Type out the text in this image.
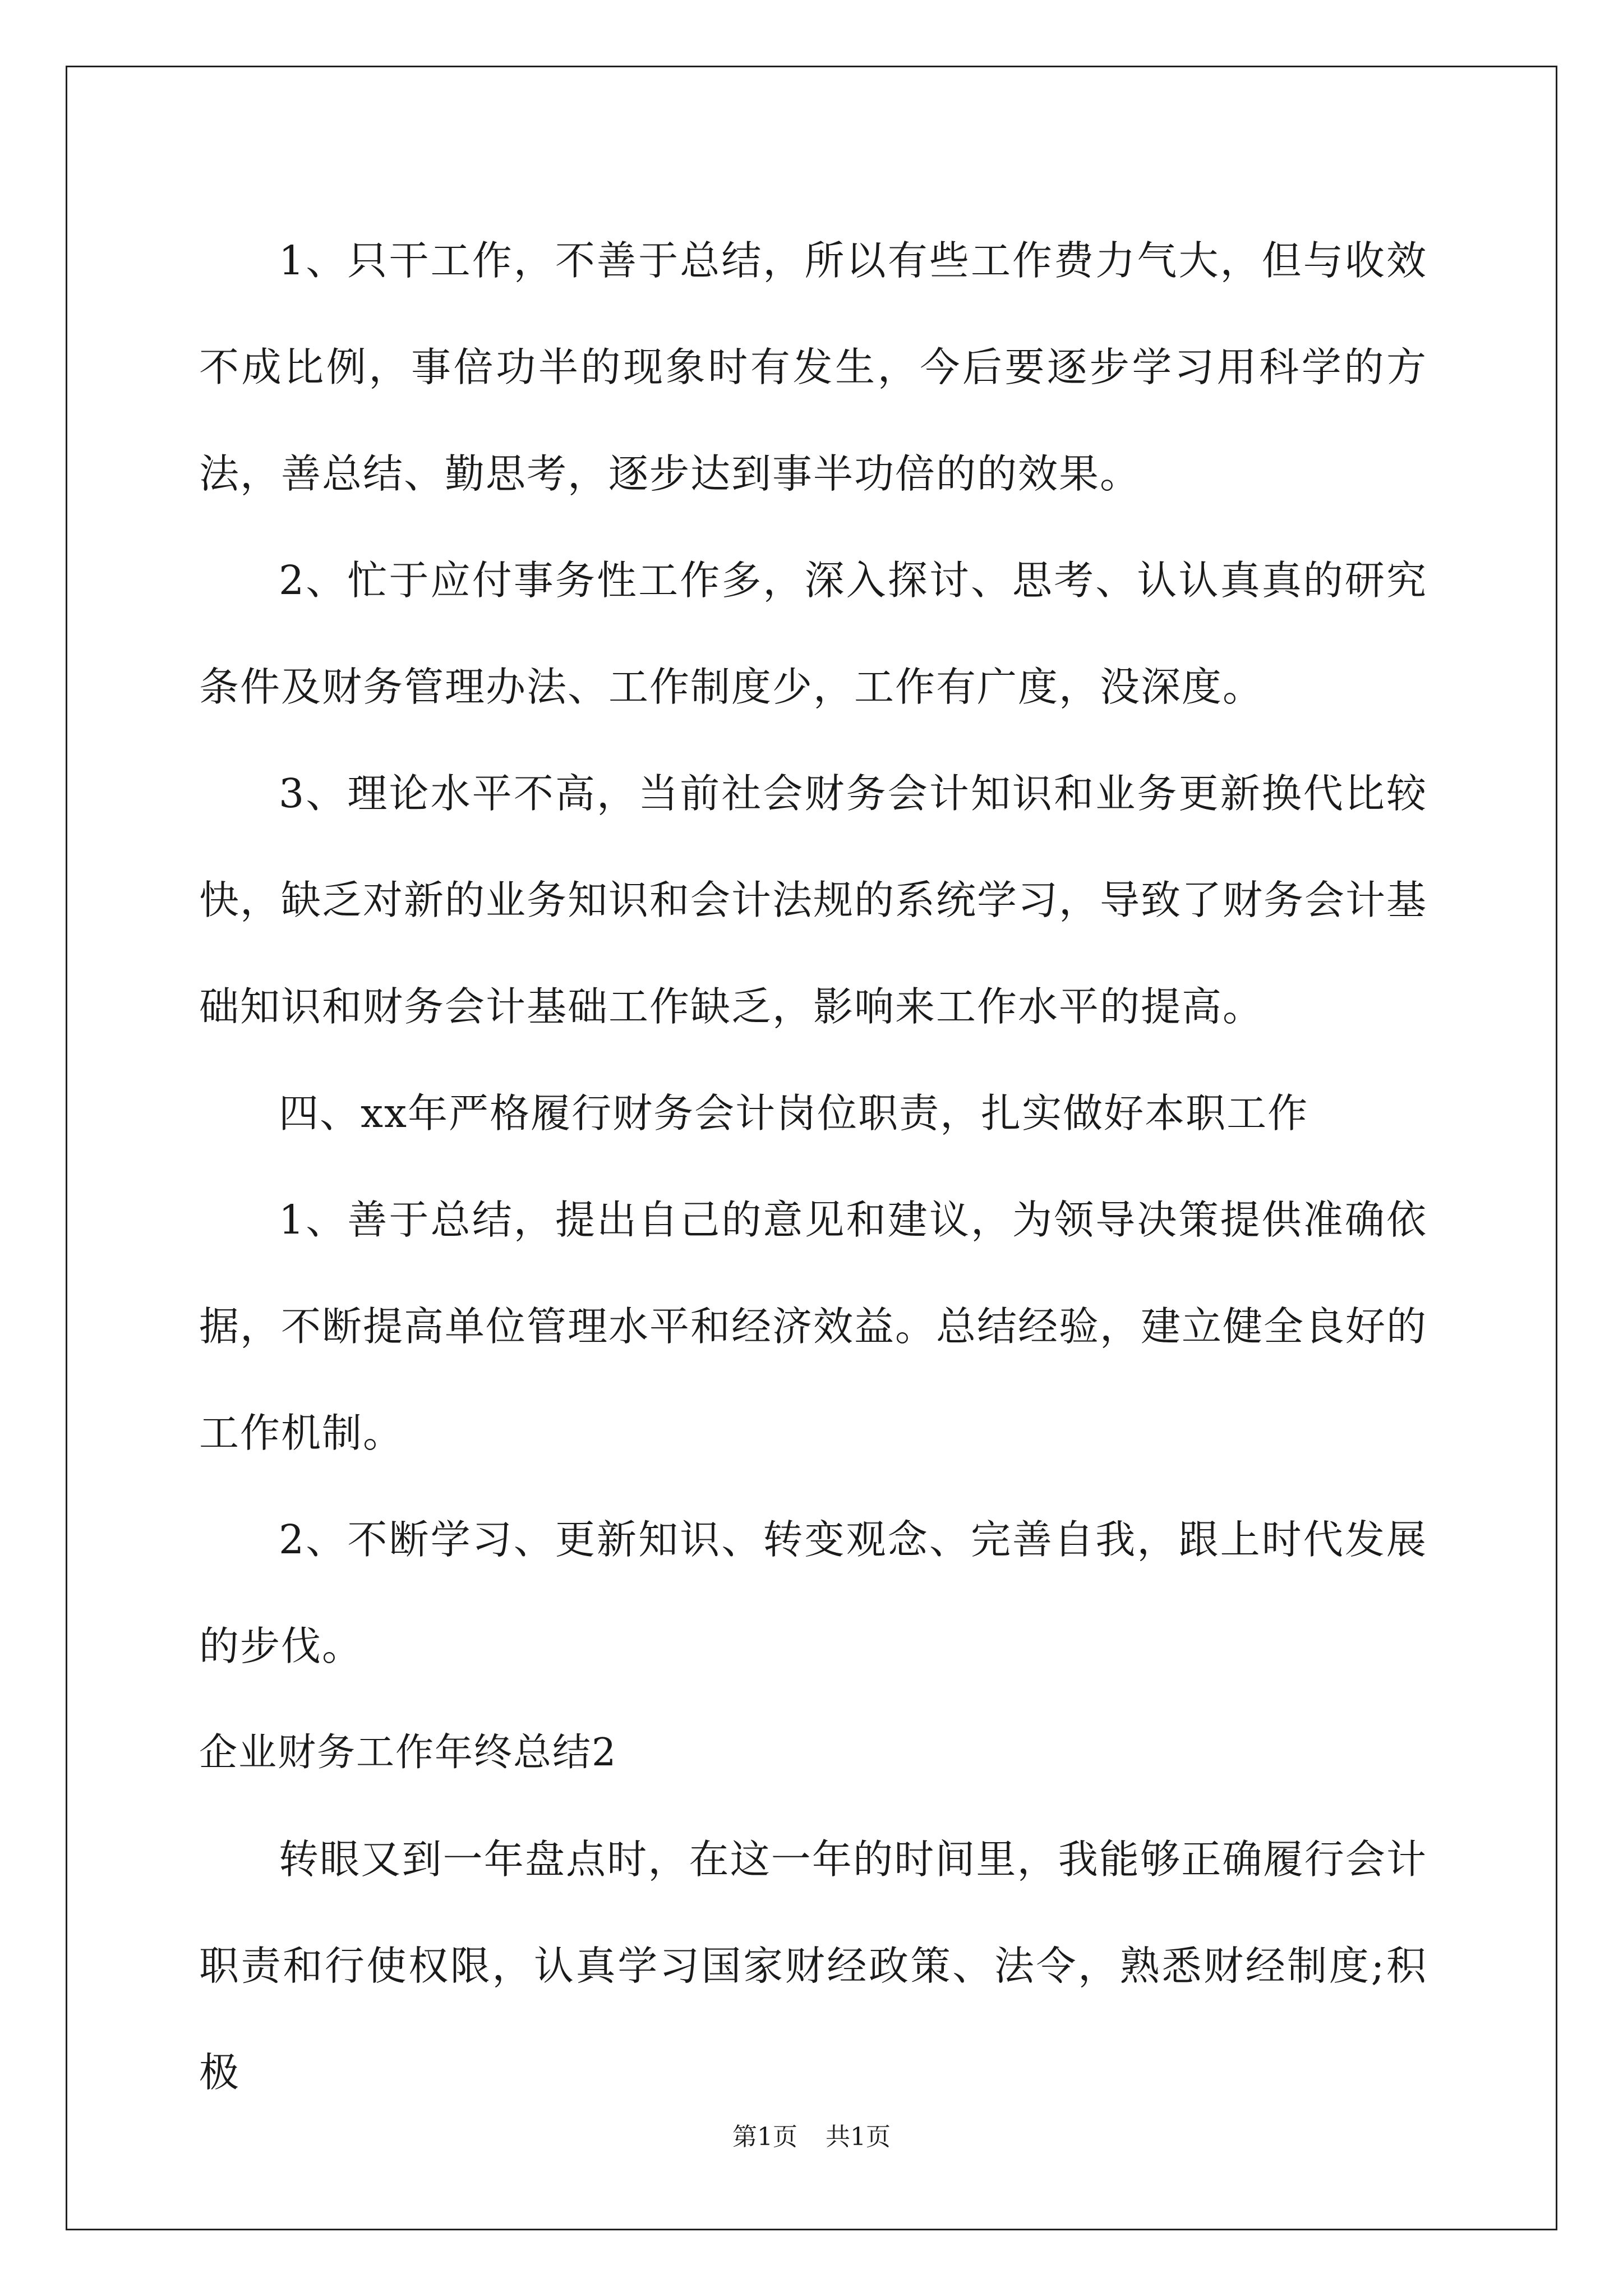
1、只干工作，不善于总结，所以有些工作费力气大，但与收效不成比例，事倍功半的现象时有发生，今后要逐步学习用科学的方法，善总结、勤思考，逐步达到事半功倍的的效果。

2、忙于应付事务性工作多，深入探讨、思考、认认真真的研究条件及财务管理办法、工作制度少，工作有广度，没深度。

3、理论水平不高，当前社会财务会计知识和业务更新换代比较快，缺乏对新的业务知识和会计法规的系统学习，导致了财务会计基础知识和财务会计基础工作缺乏，影响来工作水平的提高。

四、xx年严格履行财务会计岗位职责，扎实做好本职工作

1、善于总结，提出自己的意见和建议，为领导决策提供准确依据，不断提高单位管理水平和经济效益。总结经验，建立健全良好的工作机制。

2、不断学习、更新知识、转变观念、完善自我，跟上时代发展的步伐。

企业财务工作年终总结2

转眼又到一年盘点时，在这一年的时间里，我能够正确履行会计职责和行使权限，认真学习国家财经政策、法令，熟悉财经制度;积极

第1页 共1页
